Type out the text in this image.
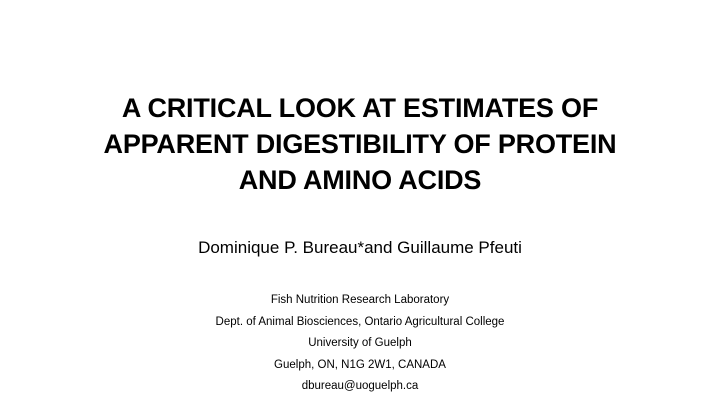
A CRITICAL LOOK AT ESTIMATES OF
APPARENT DIGESTIBILITY OF PROTEIN
AND AMINO ACIDS
Dominique P. Bureau*and Guillaume Pfeuti
Fish Nutrition Research Laboratory
Dept. of Animal Biosciences, Ontario Agricultural College
University of Guelph
Guelph, ON, N1G 2W1, CANADA
dbureau@uoguelph.ca
